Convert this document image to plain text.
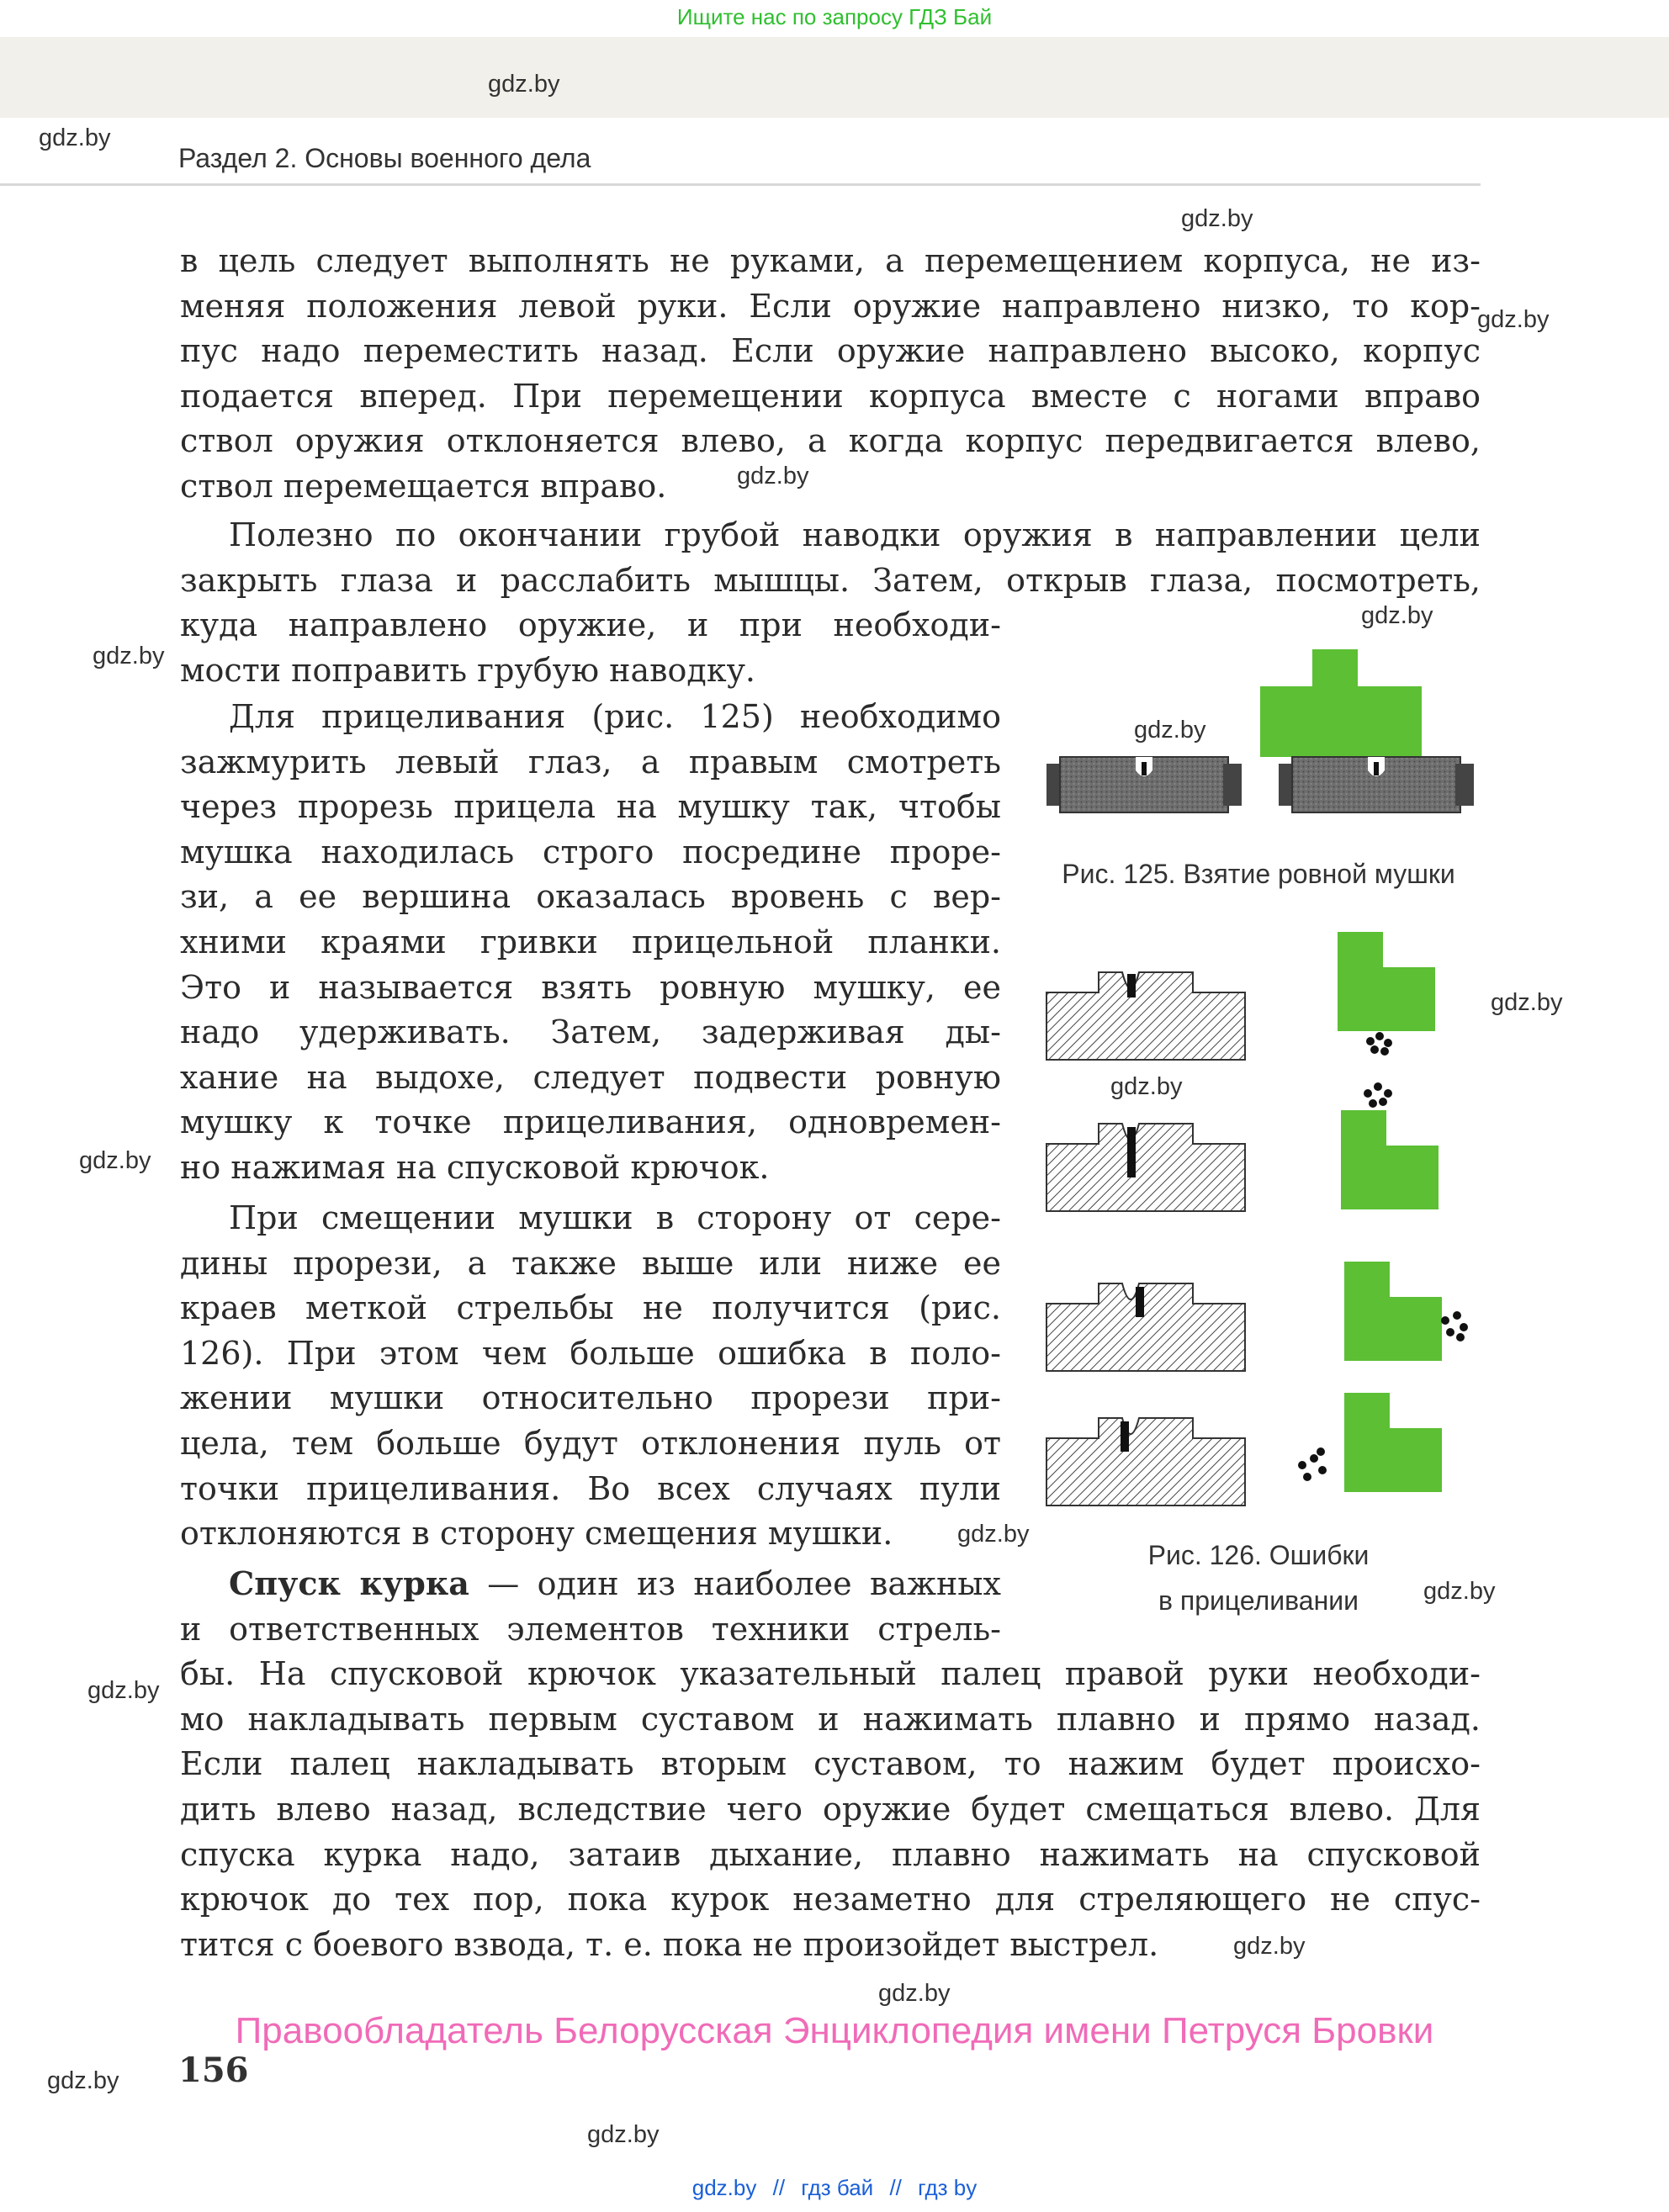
Ищите нас по запросу ГДЗ Бай
Раздел 2. Основы военного дела
gdz.by
gdz.by
gdz.by
gdz.by
gdz.by
gdz.by
gdz.by
gdz.by
gdz.by
gdz.by
gdz.by
gdz.by
gdz.by
gdz.by
gdz.by
gdz.by
gdz.by
gdz.by
в цель следует выполнять не руками, а перемещением корпуса, не из-
меняя положения левой руки. Если оружие направлено низко, то кор-
пус надо переместить назад. Если оружие направлено высоко, корпус
подается вперед. При перемещении корпуса вместе с ногами вправо
ствол оружия отклоняется влево, а когда корпус передвигается влево,
ствол перемещается вправо.
Полезно по окончании грубой наводки оружия в направлении цели
закрыть глаза и расслабить мышцы. Затем, открыв глаза, посмотреть,
куда направлено оружие, и при необходи-
мости поправить грубую наводку.
Для прицеливания (рис. 125) необходимо
зажмурить левый глаз, а правым смотреть
через прорезь прицела на мушку так, чтобы
мушка находилась строго посредине проре-
зи, а ее вершина оказалась вровень с вер-
хними краями гривки прицельной планки.
Это и называется взять ровную мушку, ее
надо удерживать. Затем, задерживая ды-
хание на выдохе, следует подвести ровную
мушку к точке прицеливания, одновремен-
но нажимая на спусковой крючок.
При смещении мушки в сторону от сере-
дины прорези, а также выше или ниже ее
краев меткой стрельбы не получится (рис.
126). При этом чем больше ошибка в поло-
жении мушки относительно прорези при-
цела, тем больше будут отклонения пуль от
точки прицеливания. Во всех случаях пули
отклоняются в сторону смещения мушки.
Спуск курка — один из наиболее важных
и ответственных элементов техники стрель-
бы. На спусковой крючок указательный палец правой руки необходи-
мо накладывать первым суставом и нажимать плавно и прямо назад.
Если палец накладывать вторым суставом, то нажим будет происхо-
дить влево назад, вследствие чего оружие будет смещаться влево. Для
спуска курка надо, затаив дыхание, плавно нажимать на спусковой
крючок до тех пор, пока курок незаметно для стреляющего не спус-
тится с боевого взвода, т. е. пока не произойдет выстрел.
Рис. 125. Взятие ровной мушки
Рис. 126. Ошибки
в прицеливании
Правообладатель Белорусская Энциклопедия имени Петруся Бровки
156
gdz.by // гдз бай // гдз by
